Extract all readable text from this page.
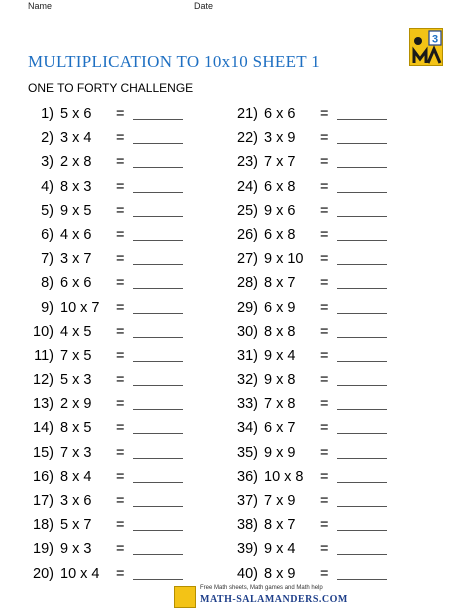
Name	Date
3
MULTIPLICATION TO 10x10 SHEET 1
ONE TO FORTY CHALLENGE
1) 5 x 6 =
2) 3 x 4 =
3) 2 x 8 =
4) 8 x 3 =
5) 9 x 5 =
6) 4 x 6 =
7) 3 x 7 =
8) 6 x 6 =
9) 10 x 7 =
10) 4 x 5 =
11) 7 x 5 =
12) 5 x 3 =
13) 2 x 9 =
14) 8 x 5 =
15) 7 x 3 =
16) 8 x 4 =
17) 3 x 6 =
18) 5 x 7 =
19) 9 x 3 =
20) 10 x 4 =
21) 6 x 6 =
22) 3 x 9 =
23) 7 x 7 =
24) 6 x 8 =
25) 9 x 6 =
26) 6 x 8 =
27) 9 x 10 =
28) 8 x 7 =
29) 6 x 9 =
30) 8 x 8 =
31) 9 x 4 =
32) 9 x 8 =
33) 7 x 8 =
34) 6 x 7 =
35) 9 x 9 =
36) 10 x 8 =
37) 7 x 9 =
38) 8 x 7 =
39) 9 x 4 =
40) 8 x 9 =
Free Math sheets, Math games and Math help
MATH-SALAMANDERS.COM
